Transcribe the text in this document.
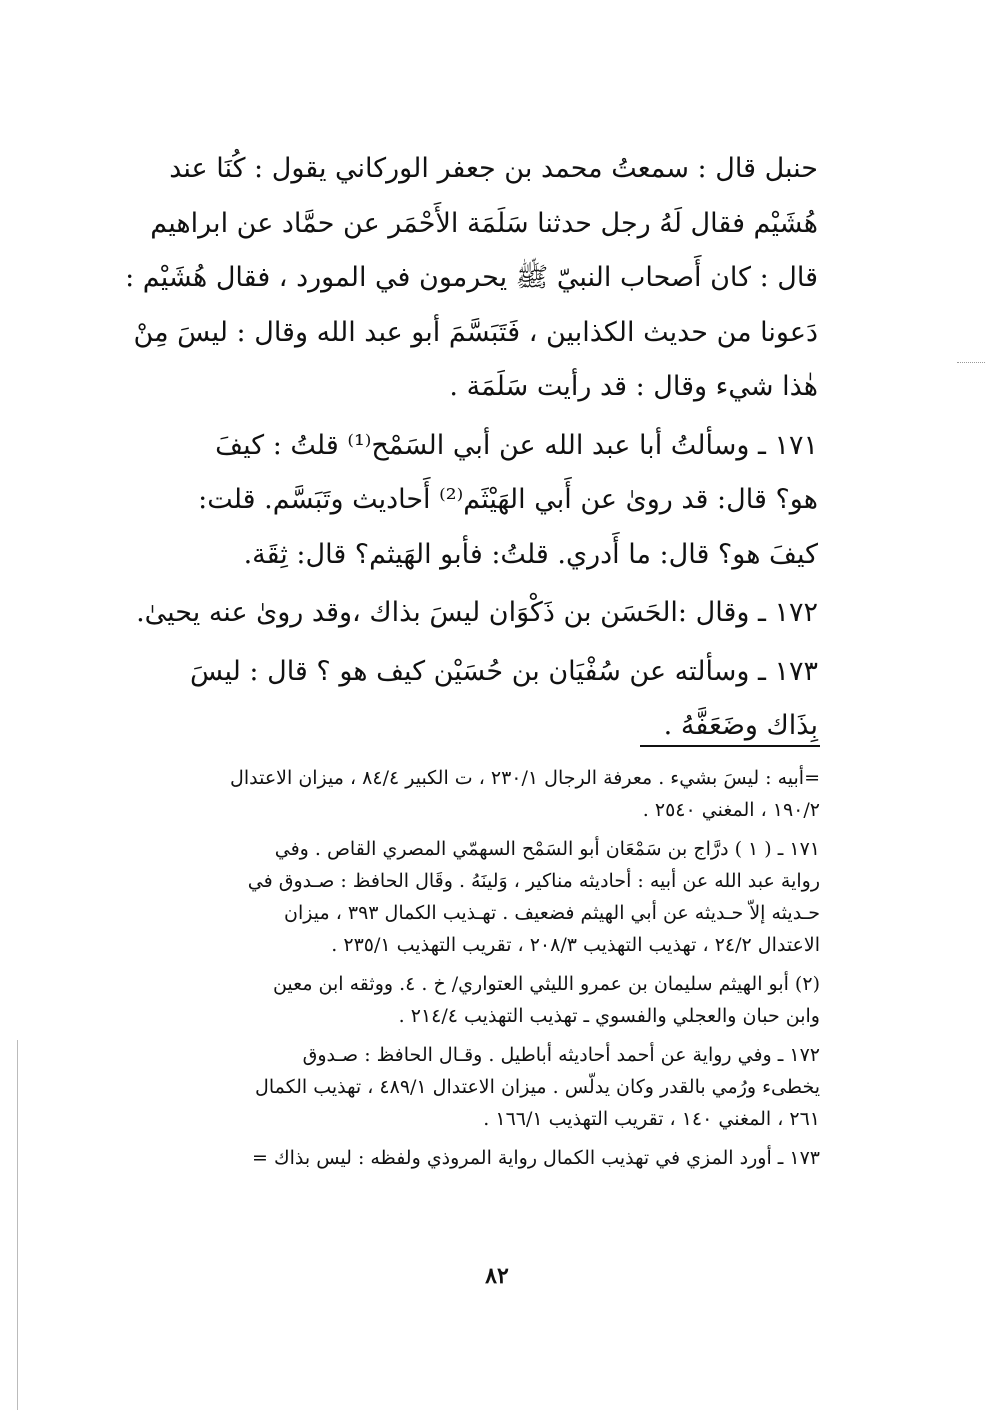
حنبل قال : سمعتُ محمد بن جعفر الوركاني يقول : كُنَا عند

هُشَيْم فقال لَهُ رجل حدثنا سَلَمَة الأَحْمَر عن حمَّاد عن ابراهيم

قال : كان أَصحاب النبيّ ﷺ يحرمون في المورد ، فقال هُشَيْم :

دَعونا من حديث الكذابين ، فَتَبَسَّمَ أبو عبد الله وقال : ليسَ مِنْ

هٰذا شيء وقال : قد رأيت سَلَمَة .

١٧١ ـ وسألتُ أبا عبد الله عن أبي السَمْح⁽¹⁾ قلتُ : كيفَ

هو؟ قال: قد روىٰ عن أَبي الهَيْثَم⁽²⁾ أَحاديث وتَبَسَّم. قلت:

كيفَ هو؟ قال: ما أَدري. قلتُ: فأبو الهَيثم؟ قال: ثِقَة.

١٧٢ ـ وقال :الحَسَن بن ذَكْوَان ليسَ بذاك ،وقد روىٰ عنه يحيىٰ.

١٧٣ ـ وسألته عن سُفْيَان بن حُسَيْن كيف هو ؟ قال : ليسَ

بِذَاك وضَعَفَّهُ .

=أبيه : ليسَ بشيء . معرفة الرجال ٢٣٠/١ ، ت الكبير ٨٤/٤ ، ميزان الاعتدال

١٩٠/٢ ، المغني ٢٥٤٠ .

١٧١ ـ ( ١ ) درَّاج بن سَمْعَان أبو السَمْح السهمّي المصري القاص . وفي

رواية عبد الله عن أبيه : أحاديثه مناكير ، وَلينَهُ . وقَال الحافظ : صـدوق في

حـديثه إلاّ حـديثه عن أبي الهيثم فضعيف . تهـذيب الكمال ٣٩٣ ، ميزان

الاعتدال ٢٤/٢ ، تهذيب التهذيب ٢٠٨/٣ ، تقريب التهذيب ٢٣٥/١ .

(٢) أبو الهيثم سليمان بن عمرو الليثي العتواري/ خ . ٤. ووثقه ابن معين

وابن حبان والعجلي والفسوي ـ تهذيب التهذيب ٢١٤/٤ .

١٧٢ ـ وفي رواية عن أحمد أحاديثه أباطيل . وقـال الحافظ : صـدوق

يخطىء ورُمي بالقدر وكان يدلّس . ميزان الاعتدال ٤٨٩/١ ، تهذيب الكمال

٢٦١ ، المغني ١٤٠ ، تقريب التهذيب ١٦٦/١ .

١٧٣ ـ أورد المزي في تهذيب الكمال رواية المروذي ولفظه : ليس بذاك =

٨٢
